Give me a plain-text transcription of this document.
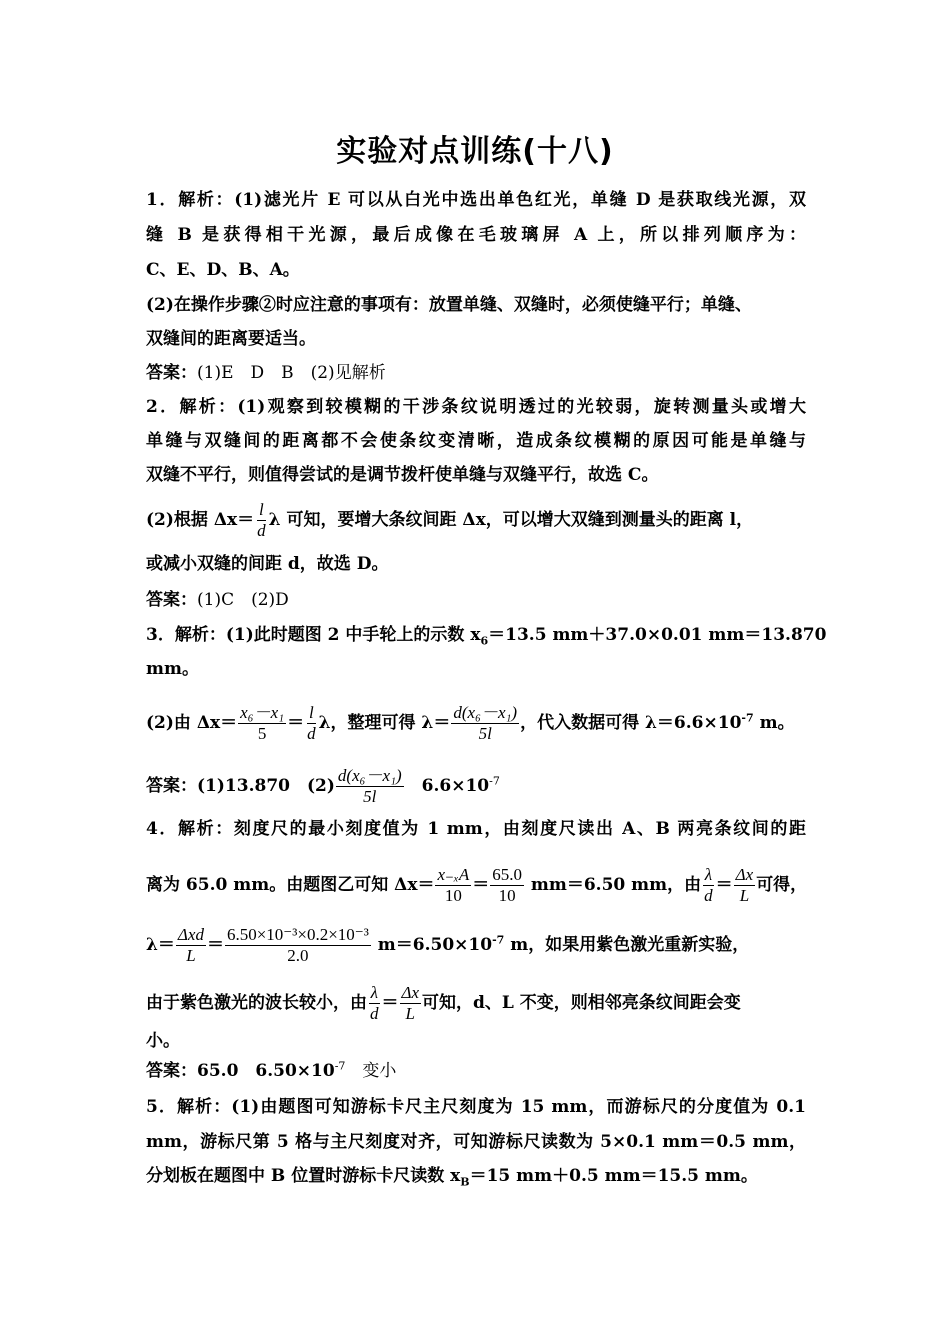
实验对点训练(十八)
1．解析：(1)滤光片 E 可以从白光中选出单色红光，单缝 D 是获取线光源，双
缝 B 是获得相干光源，最后成像在毛玻璃屏 A 上，所以排列顺序为：
C、E、D、B、A。
(2)在操作步骤②时应注意的事项有：放置单缝、双缝时，必须使缝平行；单缝、
双缝间的距离要适当。
答案：(1)E　D　B　(2)见解析
2．解析：(1)观察到较模糊的干涉条纹说明透过的光较弱，旋转测量头或增大
单缝与双缝间的距离都不会使条纹变清晰，造成条纹模糊的原因可能是单缝与
双缝不平行，则值得尝试的是调节拨杆使单缝与双缝平行，故选 C。
(2)根据 $\Delta x= \frac{l}{d}$ λ 可知，要增大条纹间距 Δx，可以增大双缝到测量头的距离 l，
或减小双缝的间距 d，故选 D。
答案：(1)C　(2)D
3．解析：(1)此时题图 2 中手轮上的示数 $x_6=13.5$ mm＋37.0×0.01 mm＝13.870
mm。
(2)由 $\Delta x= \frac{\text{x₆－x₁}}{5} = \frac{l}{d}$ λ，整理可得 $\lambda= \frac{\text{d(x₆－x₁)}}{5l}$ ，代入数据可得 $\lambda=6.6\times 10^{-7}$ m。
答案：(1)13.870　$(2) \frac{\text{d(x₆－x₁)}}{5l}$ 　$6.6\times 10^{-7}$
4．解析：刻度尺的最小刻度值为 1 mm，由刻度尺读出 A、B 两亮条纹间的距
离为 65.0 mm。由题图乙可知 $\Delta x= \frac{\text{x₋ₓA}}{10} = \frac{65.0}{10} mm=6.50$ mm，由 $\frac{\lambda}{d} = \frac{\Delta x}{L}$ 可得，
λ＝
Δxd
L
＝ $\frac{\text{6.50×10⁻³×0.2×10⁻³}}{2.0} m=6.50\times 10^{-7}$ m，如果用紫色激光重新实验，
由于紫色激光的波长较小，由 $\frac{\lambda}{d} = \frac{\Delta x}{L}$ 可知，d、L 不变，则相邻亮条纹间距会变
小。
答案：65.0　$6.50\times 10^{-7}$　变小
5．解析：(1)由题图可知游标卡尺主尺刻度为 15 mm，而游标尺的分度值为 0.1
mm，游标尺第 5 格与主尺刻度对齐，可知游标尺读数为 5×0.1 mm＝0.5 mm，
分划板在题图中 B 位置时游标卡尺读数 $x_B=15$ mm＋0.5 mm＝15.5 mm。
